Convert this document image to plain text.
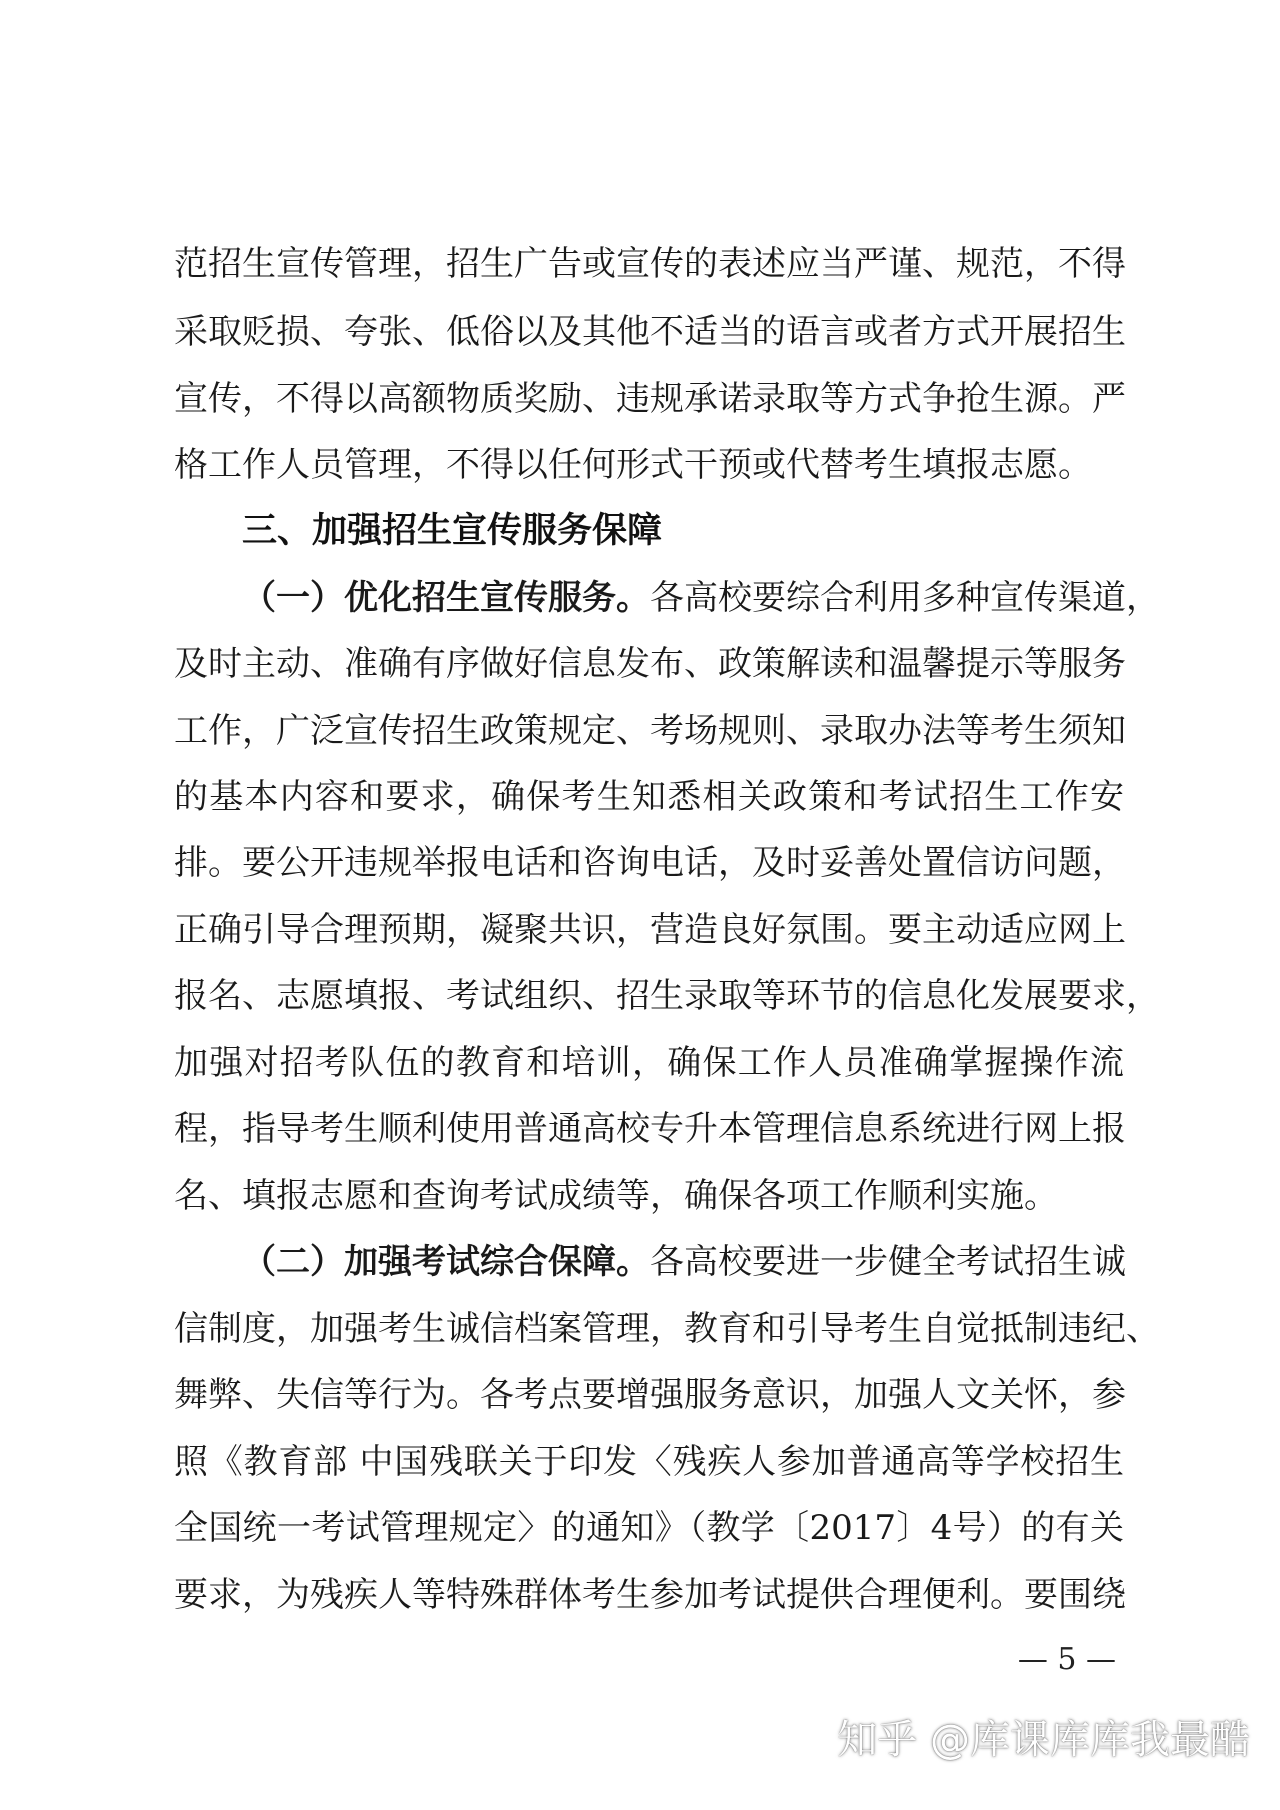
范招生宣传管理，招生广告或宣传的表述应当严谨、规范，不得
采取贬损、夸张、低俗以及其他不适当的语言或者方式开展招生
宣传，不得以高额物质奖励、违规承诺录取等方式争抢生源。严
格工作人员管理，不得以任何形式干预或代替考生填报志愿。
三、加强招生宣传服务保障
（一）优化招生宣传服务。各高校要综合利用多种宣传渠道，
及时主动、准确有序做好信息发布、政策解读和温馨提示等服务
工作，广泛宣传招生政策规定、考场规则、录取办法等考生须知
的基本内容和要求，确保考生知悉相关政策和考试招生工作安
排。要公开违规举报电话和咨询电话，及时妥善处置信访问题，
正确引导合理预期，凝聚共识，营造良好氛围。要主动适应网上
报名、志愿填报、考试组织、招生录取等环节的信息化发展要求，
加强对招考队伍的教育和培训，确保工作人员准确掌握操作流
程，指导考生顺利使用普通高校专升本管理信息系统进行网上报
名、填报志愿和查询考试成绩等，确保各项工作顺利实施。
（二）加强考试综合保障。各高校要进一步健全考试招生诚
信制度，加强考生诚信档案管理，教育和引导考生自觉抵制违纪、
舞弊、失信等行为。各考点要增强服务意识，加强人文关怀，参
照《教育部 中国残联关于印发〈残疾人参加普通高等学校招生
全国统一考试管理规定〉的通知》（教学〔2017〕4号）的有关
要求，为残疾人等特殊群体考生参加考试提供合理便利。要围绕
— 5 —
知乎 @库课库库我最酷
